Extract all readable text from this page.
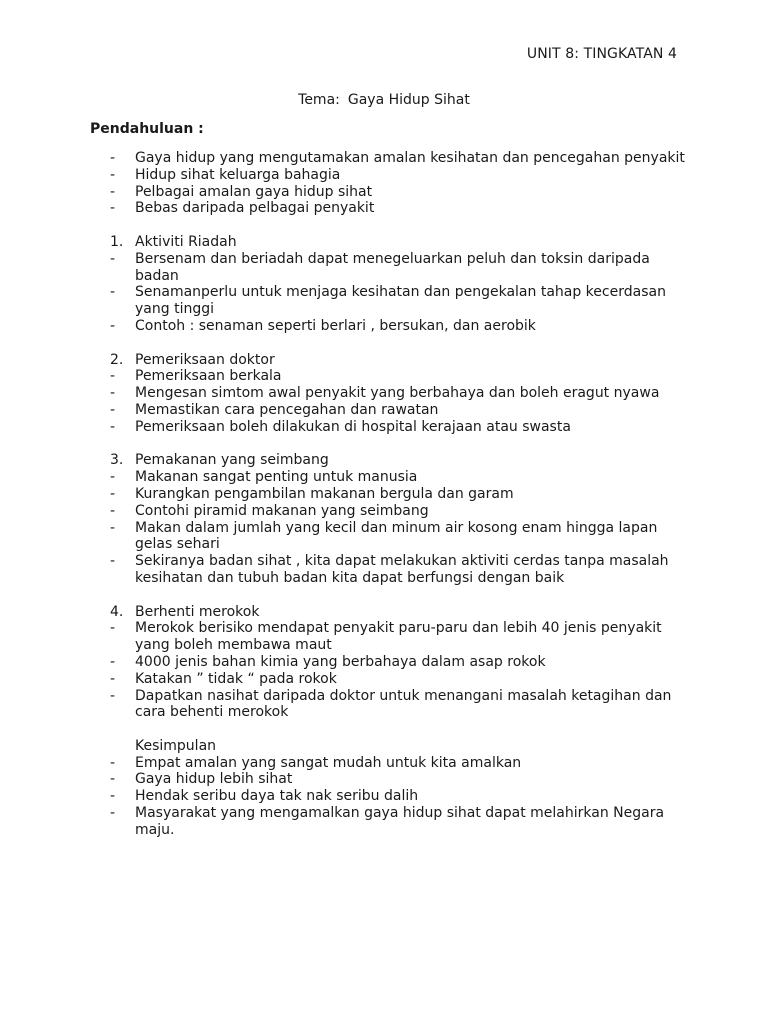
UNIT 8: TINGKATAN 4
Tema: Gaya Hidup Sihat
Pendahuluan :
- Gaya hidup yang mengutamakan amalan kesihatan dan pencegahan penyakit
- Hidup sihat keluarga bahagia
- Pelbagai amalan gaya hidup sihat
- Bebas daripada pelbagai penyakit
1. Aktiviti Riadah
- Bersenam dan beriadah dapat menegeluarkan peluh dan toksin daripada badan
- Senamanperlu untuk menjaga kesihatan dan pengekalan tahap kecerdasan yang tinggi
- Contoh : senaman seperti berlari , bersukan, dan aerobik
2. Pemeriksaan doktor
- Pemeriksaan berkala
- Mengesan simtom awal penyakit yang berbahaya dan boleh eragut nyawa
- Memastikan cara pencegahan dan rawatan
- Pemeriksaan boleh dilakukan di hospital kerajaan atau swasta
3. Pemakanan yang seimbang
- Makanan sangat penting untuk manusia
- Kurangkan pengambilan makanan bergula dan garam
- Contohi piramid makanan yang seimbang
- Makan dalam jumlah yang kecil dan minum air kosong enam hingga lapan gelas sehari
- Sekiranya badan sihat , kita dapat melakukan aktiviti cerdas tanpa masalah kesihatan dan tubuh badan kita dapat berfungsi dengan baik
4. Berhenti merokok
- Merokok berisiko mendapat penyakit paru-paru dan lebih 40 jenis penyakit yang boleh membawa maut
- 4000 jenis bahan kimia yang berbahaya dalam asap rokok
- Katakan ” tidak “ pada rokok
- Dapatkan nasihat daripada doktor untuk menangani masalah ketagihan dan cara behenti merokok
Kesimpulan
- Empat amalan yang sangat mudah untuk kita amalkan
- Gaya hidup lebih sihat
- Hendak seribu daya tak nak seribu dalih
- Masyarakat yang mengamalkan gaya hidup sihat dapat melahirkan Negara maju.
